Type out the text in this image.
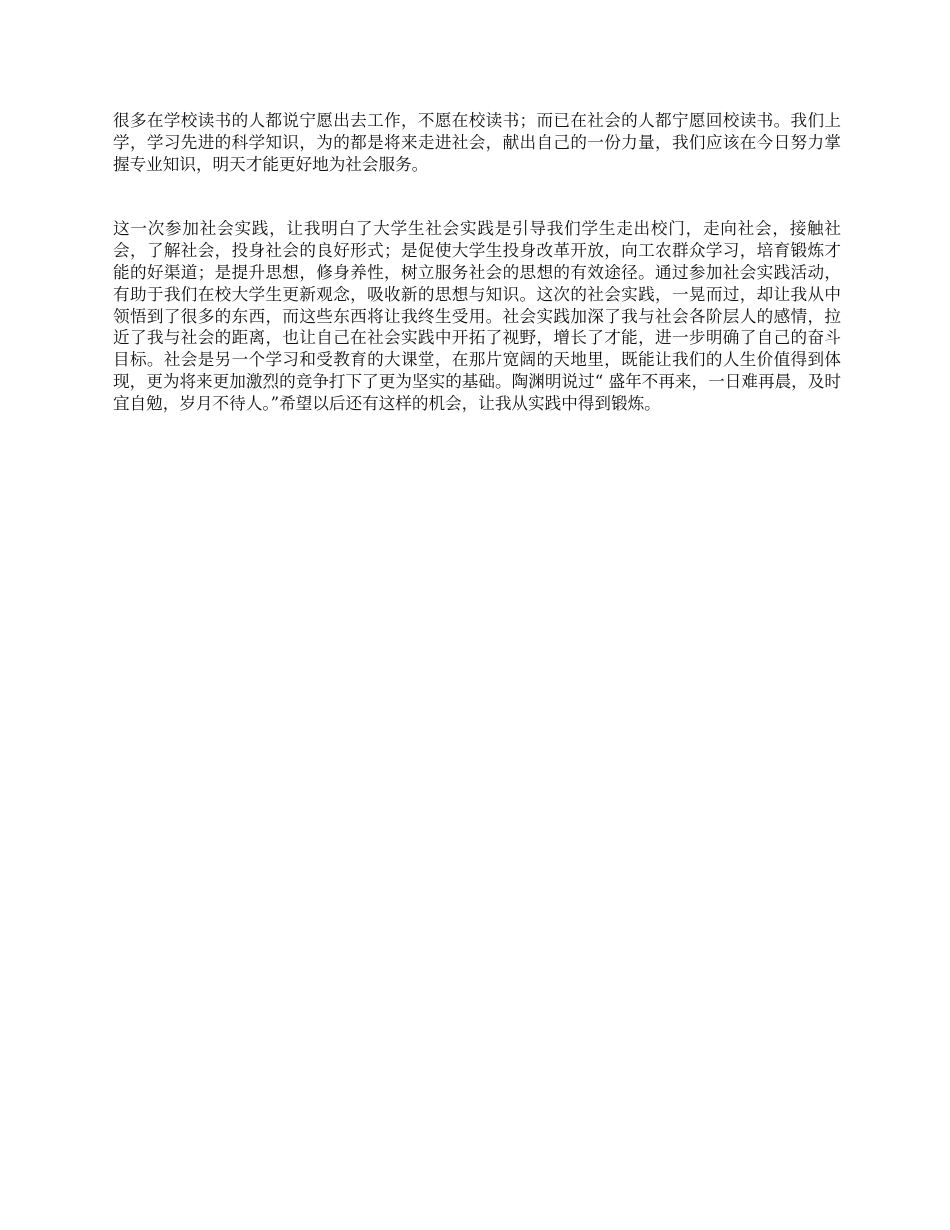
很多在学校读书的人都说宁愿出去工作，不愿在校读书；而已在社会的人都宁愿回校读书。我们上学，学习先进的科学知识，为的都是将来走进社会，献出自己的一份力量，我们应该在今日努力掌握专业知识，明天才能更好地为社会服务。

这一次参加社会实践，让我明白了大学生社会实践是引导我们学生走出校门，走向社会，接触社会，了解社会，投身社会的良好形式；是促使大学生投身改革开放，向工农群众学习，培育锻炼才能的好渠道；是提升思想，修身养性，树立服务社会的思想的有效途径。通过参加社会实践活动，有助于我们在校大学生更新观念，吸收新的思想与知识。这次的社会实践，一晃而过，却让我从中领悟到了很多的东西，而这些东西将让我终生受用。社会实践加深了我与社会各阶层人的感情，拉近了我与社会的距离，也让自己在社会实践中开拓了视野，增长了才能，进一步明确了自己的奋斗目标。社会是另一个学习和受教育的大课堂，在那片宽阔的天地里，既能让我们的人生价值得到体现，更为将来更加激烈的竞争打下了更为坚实的基础。陶渊明说过“ 盛年不再来，一日难再晨，及时宜自勉，岁月不待人。”希望以后还有这样的机会，让我从实践中得到锻炼。
